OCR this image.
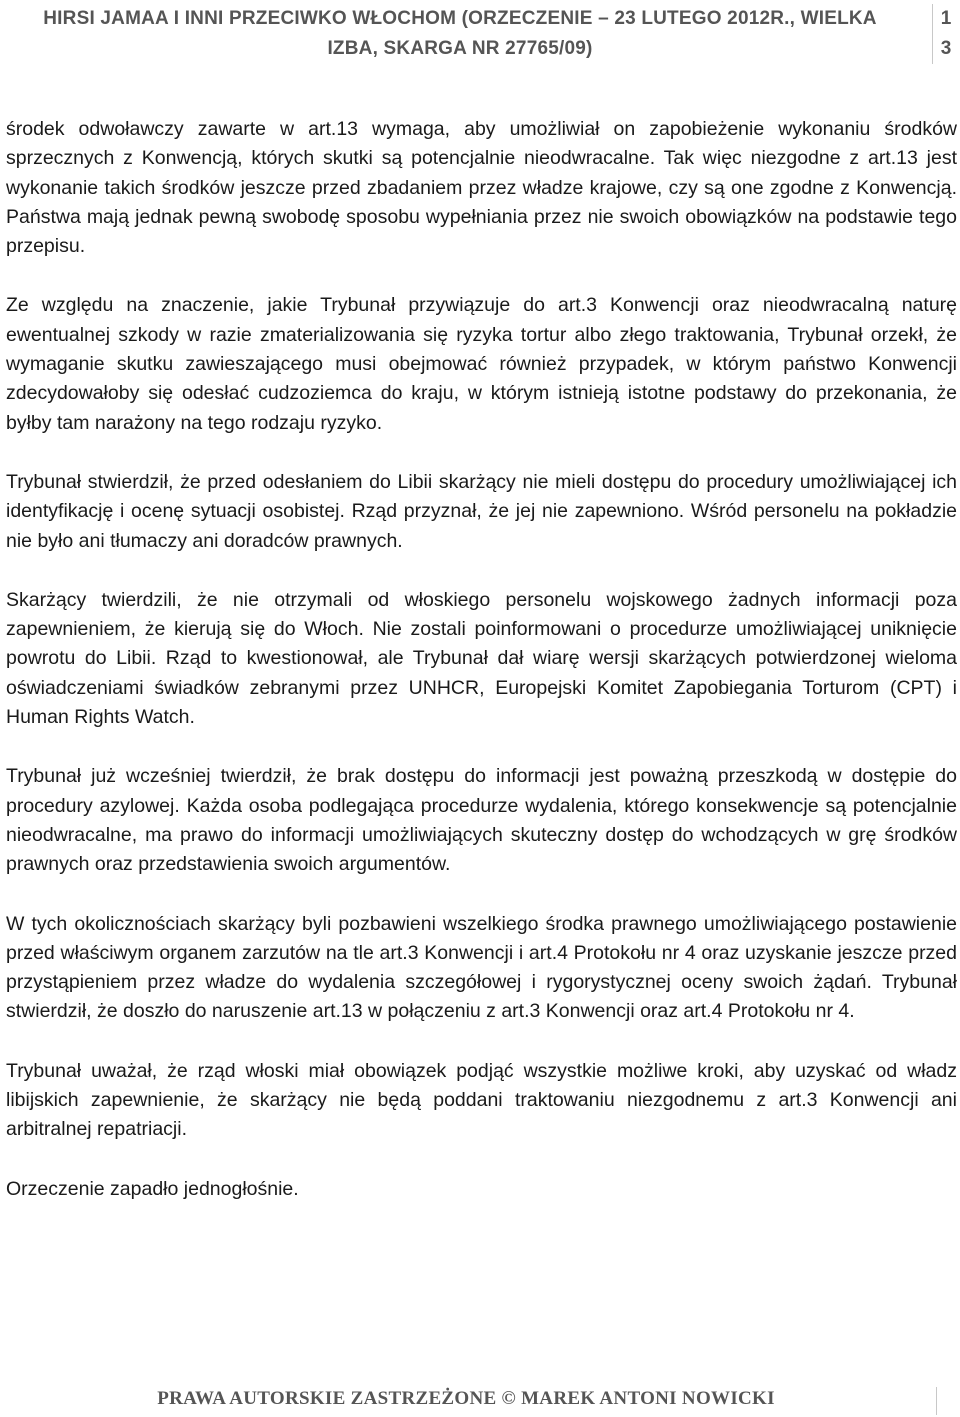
HIRSI JAMAA I INNI PRZECIWKO WŁOCHOM (ORZECZENIE – 23 LUTEGO 2012R., WIELKA
IZBA, SKARGA NR 27765/09)
1
3

środek odwoławczy zawarte w art.13 wymaga, aby umożliwiał on zapobieżenie wykonaniu środków sprzecznych z Konwencją, których skutki są potencjalnie nieodwracalne. Tak więc niezgodne z art.13 jest wykonanie takich środków jeszcze przed zbadaniem przez władze krajowe, czy są one zgodne z Konwencją. Państwa mają jednak pewną swobodę sposobu wypełniania przez nie swoich obowiązków na podstawie tego przepisu.

Ze względu na znaczenie, jakie Trybunał przywiązuje do art.3 Konwencji oraz nieodwracalną naturę ewentualnej szkody w razie zmaterializowania się ryzyka tortur albo złego traktowania, Trybunał orzekł, że wymaganie skutku zawieszającego musi obejmować również przypadek, w którym państwo Konwencji zdecydowałoby się odesłać cudzoziemca do kraju, w którym istnieją istotne podstawy do przekonania, że byłby tam narażony na tego rodzaju ryzyko.

Trybunał stwierdził, że przed odesłaniem do Libii skarżący nie mieli dostępu do procedury umożliwiającej ich identyfikację i ocenę sytuacji osobistej. Rząd przyznał, że jej nie zapewniono. Wśród personelu na pokładzie nie było ani tłumaczy ani doradców prawnych.

Skarżący twierdzili, że nie otrzymali od włoskiego personelu wojskowego żadnych informacji poza zapewnieniem, że kierują się do Włoch. Nie zostali poinformowani o procedurze umożliwiającej uniknięcie powrotu do Libii. Rząd to kwestionował, ale Trybunał dał wiarę wersji skarżących potwierdzonej wieloma oświadczeniami świadków zebranymi przez UNHCR, Europejski Komitet Zapobiegania Torturom (CPT) i Human Rights Watch.

Trybunał już wcześniej twierdził, że brak dostępu do informacji jest poważną przeszkodą w dostępie do procedury azylowej. Każda osoba podlegająca procedurze wydalenia, którego konsekwencje są potencjalnie nieodwracalne, ma prawo do informacji umożliwiających skuteczny dostęp do wchodzących w grę środków prawnych oraz przedstawienia swoich argumentów.

W tych okolicznościach skarżący byli pozbawieni wszelkiego środka prawnego umożliwiającego postawienie przed właściwym organem zarzutów na tle art.3 Konwencji i art.4 Protokołu nr 4 oraz uzyskanie jeszcze przed przystąpieniem przez władze do wydalenia szczegółowej i rygorystycznej oceny swoich żądań. Trybunał stwierdził, że doszło do naruszenie art.13 w połączeniu z art.3 Konwencji oraz art.4 Protokołu nr 4.

Trybunał uważał, że rząd włoski miał obowiązek podjąć wszystkie możliwe kroki, aby uzyskać od władz libijskich zapewnienie, że skarżący nie będą poddani traktowaniu niezgodnemu z art.3 Konwencji ani arbitralnej repatriacji.

Orzeczenie zapadło jednogłośnie.

PRAWA AUTORSKIE ZASTRZEŻONE © MAREK ANTONI NOWICKI
